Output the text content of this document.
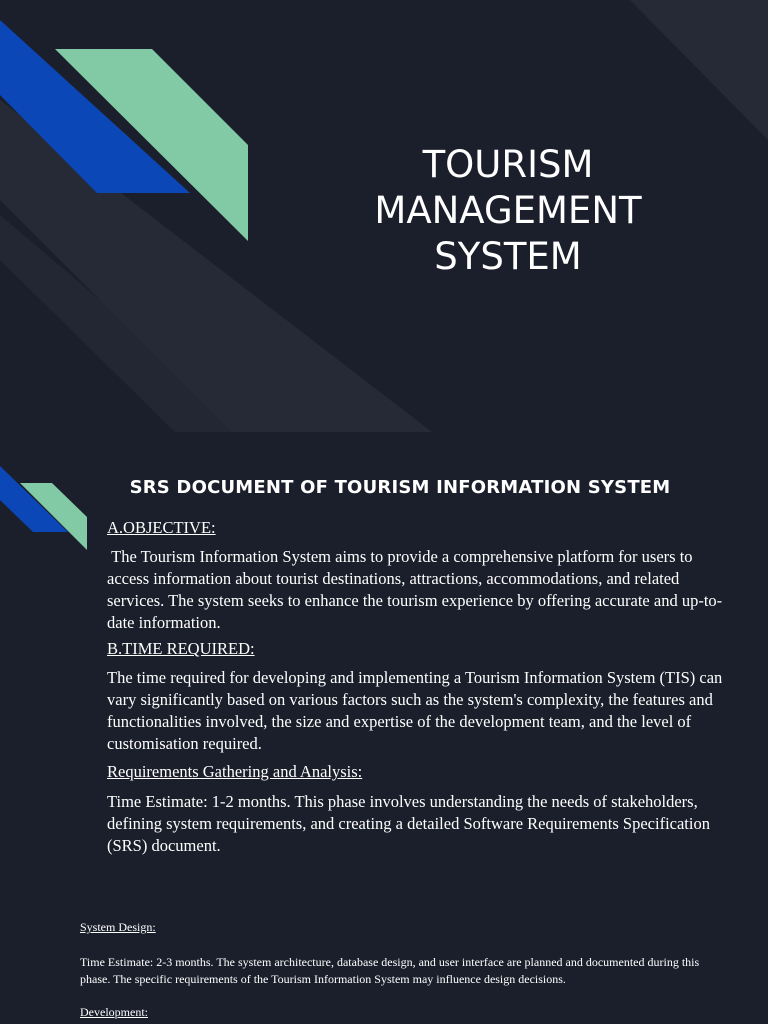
TOURISM
MANAGEMENT
SYSTEM
SRS DOCUMENT OF TOURISM INFORMATION SYSTEM
A.OBJECTIVE:

The Tourism Information System aims to provide a comprehensive platform for users to access information about tourist destinations, attractions, accommodations, and related services. The system seeks to enhance the tourism experience by offering accurate and up-to-date information.

B.TIME REQUIRED:

The time required for developing and implementing a Tourism Information System (TIS) can vary significantly based on various factors such as the system's complexity, the features and functionalities involved, the size and expertise of the development team, and the level of customisation required.

Requirements Gathering and Analysis:

Time Estimate: 1-2 months. This phase involves understanding the needs of stakeholders, defining system requirements, and creating a detailed Software Requirements Specification (SRS) document.

System Design:

Time Estimate: 2-3 months. The system architecture, database design, and user interface are planned and documented during this phase. The specific requirements of the Tourism Information System may influence design decisions.

Development:
